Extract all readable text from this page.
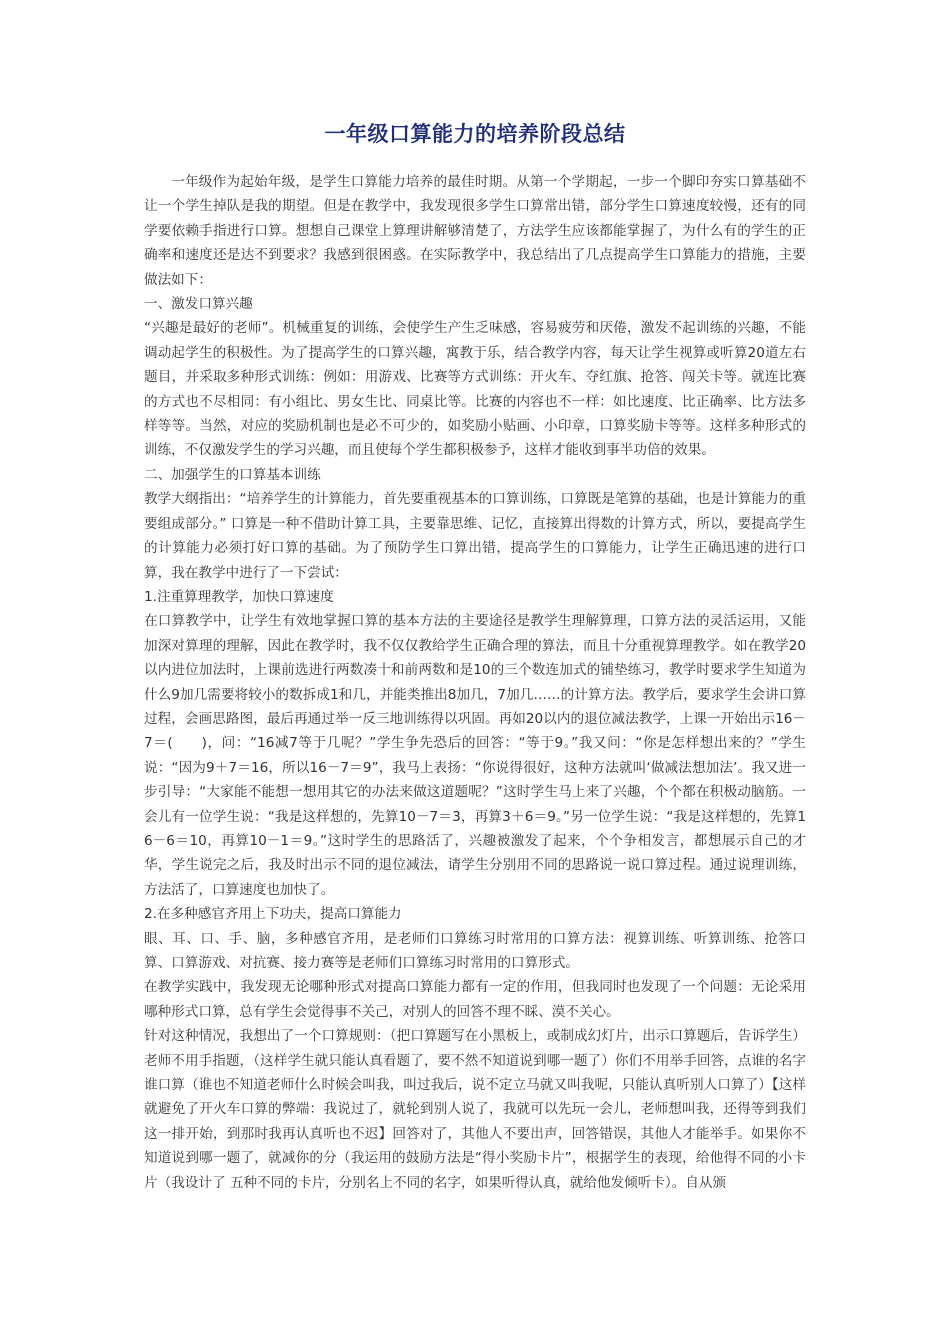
一年级口算能力的培养阶段总结

一年级作为起始年级，是学生口算能力培养的最佳时期。从第一个学期起，一步一个脚印夯实口算基础不让一个学生掉队是我的期望。但是在教学中，我发现很多学生口算常出错，部分学生口算速度较慢，还有的同学要依赖手指进行口算。想想自己课堂上算理讲解够清楚了，方法学生应该都能掌握了，为什么有的学生的正确率和速度还是达不到要求？我感到很困惑。在实际教学中，我总结出了几点提高学生口算能力的措施，主要做法如下：

一、激发口算兴趣

“兴趣是最好的老师”。机械重复的训练，会使学生产生乏味感，容易疲劳和厌倦，激发不起训练的兴趣，不能调动起学生的积极性。为了提高学生的口算兴趣，寓教于乐，结合教学内容，每天让学生视算或听算20道左右题目，并采取多种形式训练：例如：用游戏、比赛等方式训练：开火车、夺红旗、抢答、闯关卡等。就连比赛的方式也不尽相同：有小组比、男女生比、同桌比等。比赛的内容也不一样：如比速度、比正确率、比方法多样等等。当然，对应的奖励机制也是必不可少的，如奖励小贴画、小印章，口算奖励卡等等。这样多种形式的训练，不仅激发学生的学习兴趣，而且使每个学生都积极参予，这样才能收到事半功倍的效果。

二、加强学生的口算基本训练

教学大纲指出：“培养学生的计算能力，首先要重视基本的口算训练，口算既是笔算的基础，也是计算能力的重要组成部分。” 口算是一种不借助计算工具，主要靠思维、记忆，直接算出得数的计算方式，所以，要提高学生的计算能力必须打好口算的基础。为了预防学生口算出错，提高学生的口算能力，让学生正确迅速的进行口算，我在教学中进行了一下尝试：

1.注重算理教学，加快口算速度

在口算教学中，让学生有效地掌握口算的基本方法的主要途径是教学生理解算理，口算方法的灵活运用，又能加深对算理的理解，因此在教学时，我不仅仅教给学生正确合理的算法，而且十分重视算理教学。如在教学20以内进位加法时，上课前选进行两数凑十和前两数和是10的三个数连加式的铺垫练习，教学时要求学生知道为什么9加几需要将较小的数拆成1和几，并能类推出8加几，7加几……的计算方法。教学后，要求学生会讲口算过程，会画思路图，最后再通过举一反三地训练得以巩固。再如20以内的退位减法教学，上课一开始出示16－7＝(　　)，问：“16减7等于几呢？”学生争先恐后的回答：“等于9。”我又问：“你是怎样想出来的？”学生说：“因为9＋7＝16，所以16－7＝9”，我马上表扬：“你说得很好，这种方法就叫‘做减法想加法’。我又进一步引导：“大家能不能想一想用其它的办法来做这道题呢？”这时学生马上来了兴趣，个个都在积极动脑筋。一会儿有一位学生说：“我是这样想的，先算10－7＝3，再算3＋6＝9。”另一位学生说：“我是这样想的，先算16－6＝10，再算10－1＝9。”这时学生的思路活了，兴趣被激发了起来，个个争相发言，都想展示自己的才华，学生说完之后，我及时出示不同的退位减法，请学生分别用不同的思路说一说口算过程。通过说理训练，方法活了，口算速度也加快了。

2.在多种感官齐用上下功夫，提高口算能力

眼、耳、口、手、脑，多种感官齐用，是老师们口算练习时常用的口算方法：视算训练、听算训练、抢答口算、口算游戏、对抗赛、接力赛等是老师们口算练习时常用的口算形式。

在教学实践中，我发现无论哪种形式对提高口算能力都有一定的作用，但我同时也发现了一个问题：无论采用哪种形式口算，总有学生会觉得事不关己，对别人的回答不理不睬、漠不关心。

针对这种情况，我想出了一个口算规则：（把口算题写在小黑板上，或制成幻灯片，出示口算题后，告诉学生）老师不用手指题，（这样学生就只能认真看题了，要不然不知道说到哪一题了）你们不用举手回答，点谁的名字谁口算（谁也不知道老师什么时候会叫我，叫过我后，说不定立马就又叫我呢，只能认真听别人口算了）【这样就避免了开火车口算的弊端：我说过了，就轮到别人说了，我就可以先玩一会儿，老师想叫我，还得等到我们这一排开始，到那时我再认真听也不迟】回答对了，其他人不要出声，回答错误，其他人才能举手。如果你不知道说到哪一题了，就减你的分（我运用的鼓励方法是“得小奖励卡片”，根据学生的表现，给他得不同的小卡片（我设计了 五种不同的卡片，分别名上不同的名字，如果听得认真，就给他发倾听卡）。自从颁
